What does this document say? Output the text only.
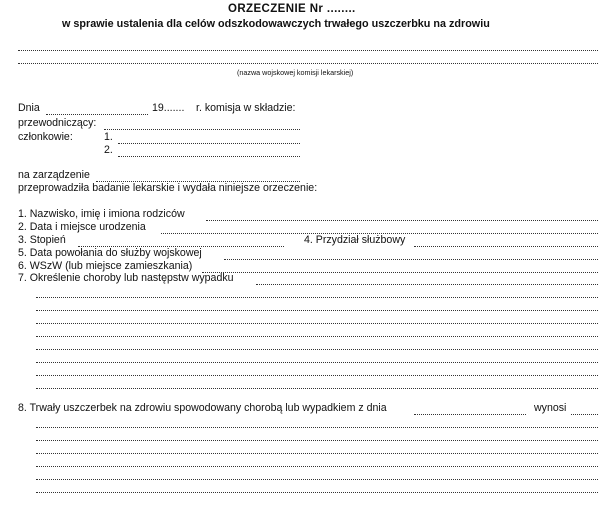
ORZECZENIE Nr ........
w sprawie ustalenia dla celów odszkodowawczych trwałego uszczerbku na zdrowiu
(nazwa wojskowej komisji lekarskiej)
Dnia	19....... r. komisja w składzie:
przewodniczący:
członkowie:	1.
2.
na zarządzenie
przeprowadziła badanie lekarskie i wydała niniejsze orzeczenie:
1. Nazwisko, imię i imiona rodziców
2. Data i miejsce urodzenia
3. Stopień	4. Przydział służbowy
5. Data powołania do służby wojskowej
6. WSzW (lub miejsce zamieszkania)
7. Określenie choroby lub następstw wypadku
8. Trwały uszczerbek na zdrowiu spowodowany chorobą lub wypadkiem z dnia	wynosi
